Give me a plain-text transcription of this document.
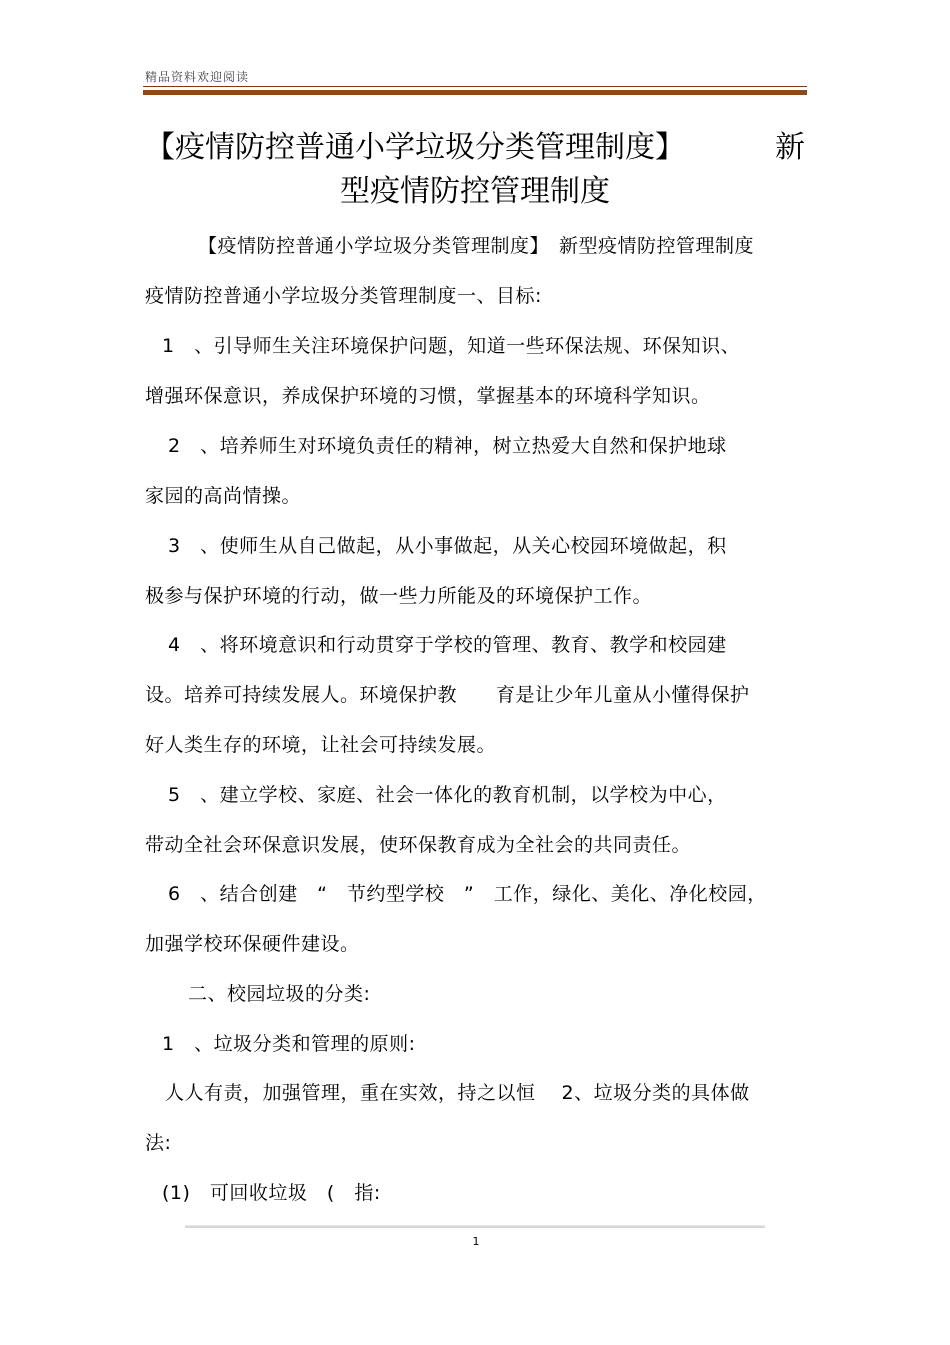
精品资料欢迎阅读
【疫情防控普通小学垃圾分类管理制度】	新
型疫情防控管理制度
【疫情防控普通小学垃圾分类管理制度】　新型疫情防控管理制度
疫情防控普通小学垃圾分类管理制度一、目标:
1　、引导师生关注环境保护问题，知道一些环保法规、环保知识、
增强环保意识，养成保护环境的习惯，掌握基本的环境科学知识。
2　、培养师生对环境负责任的精神，树立热爱大自然和保护地球
家园的高尚情操。
3　、使师生从自己做起，从小事做起，从关心校园环境做起，积
极参与保护环境的行动，做一些力所能及的环境保护工作。
4　、将环境意识和行动贯穿于学校的管理、教育、教学和校园建
设。培养可持续发展人。环境保护教　　育是让少年儿童从小懂得保护
好人类生存的环境，让社会可持续发展。
5　、建立学校、家庭、社会一体化的教育机制，以学校为中心，
带动全社会环保意识发展，使环保教育成为全社会的共同责任。
6　、结合创建　“　节约型学校　”　工作，绿化、美化、净化校园，
加强学校环保硬件建设。
二、校园垃圾的分类:
1　、垃圾分类和管理的原则:
人人有责，加强管理，重在实效，持之以恒　 2、垃圾分类的具体做
法:
(1)　可回收垃圾　(　指:
1
